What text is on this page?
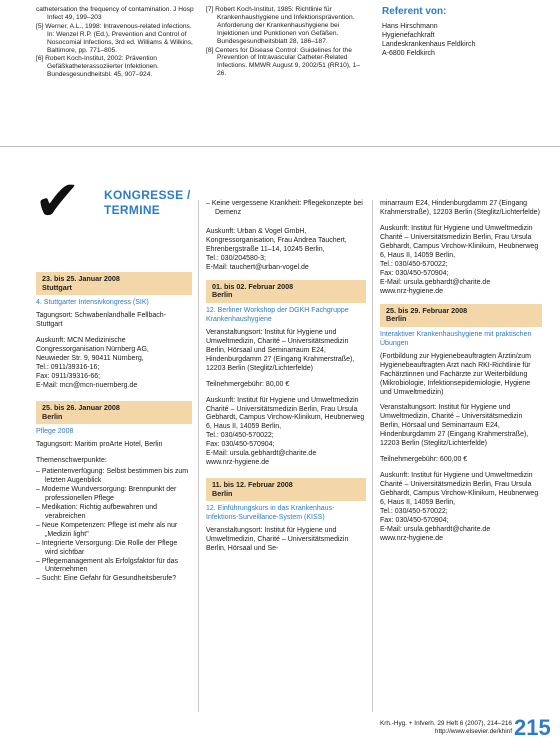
cathetersation the frequency of contamination. J Hosp Infect 49, 199–203

[5] Werner, A.L., 1998: Intravenous-related infections. In: Wenzel R.P. (Ed.), Prevention and Control of Nosocomial Infections, 3rd ed. Williams & Wilkins, Baltimore, pp. 771–805.

[6] Robert Koch-Institut, 2002: Prävention Gefäßkatheterassoziierter Infektionen. Bundesgesundheitsbl. 45, 907–924.

[7] Robert Koch-Institut, 1985: Richtlinie für Krankenhaushygiene und Infektionsprävention. Anforderung der Krankenhaushygiene bei Injektionen und Punktionen von Gefäßen. Bundesgesundheitsblatt 28, 186–187.

[8] Centers for Disease Control: Guidelines for the Prevention of Intravascular Catheter-Related Infections. MMWR August 9, 2002/51 (RR10), 1–26.

Referent von:

Hans Hirschmann

Hygienefachkraft

Landeskrankenhaus Feldkirch

A-6800 Feldkirch

✔ KONGRESSE /
TERMINE
23. bis 25. Januar 2008
Stuttgart

4. Stuttgarter Intensivkongress (SIK)

Tagungsort: Schwabenlandhalle Fellbach-Stuttgart

Auskunft: MCN Medizinische Congressorganisation Nürnberg AG,

Neuwieder Str. 9, 90411 Nürnberg,

Tel.: 0911/39316-16;

Fax: 0911/39316-66;

E-Mail: mcn@mcn-nuernberg.de

25. bis 26. Januar 2008
Berlin

Pflege 2008

Tagungsort: Maritim proArte Hotel, Berlin

Themenschwerpunkte:

– Patientenverfügung: Selbst bestimmen bis zum letzten Augenblick

– Moderne Wundversorgung: Brennpunkt der professionellen Pflege

– Medikation: Richtig aufbewahren und verabreichen

– Neue Kompetenzen: Pflege ist mehr als nur „Medizin light"

– Integrierte Versorgung: Die Rolle der Pflege wird sichtbar

– Pflegemanagement als Erfolgsfaktor für das Unternehmen

– Sucht: Eine Gefahr für Gesundheitsberufe?

– Keine vergessene Krankheit: Pflegekonzepte bei Demenz

Auskunft: Urban & Vogel GmbH, Kongressorganisation, Frau Andrea Tauchert, Ehrenbergstraße 11–14, 10245 Berlin,

Tel.: 030/204580-3;

E-Mail: tauchert@urban-vogel.de

01. bis 02. Februar 2008
Berlin

12. Berliner Workshop der DGKH Fachgruppe Krankenhaushygiene

Veranstaltungsort: Institut für Hygiene und Umweltmedizin, Charité – Universitätsmedizin Berlin, Hörsaal und Seminarraum E24, Hindenburgdamm 27 (Eingang Krahmerstraße), 12203 Berlin (Steglitz/Lichterfelde)

Teilnehmergebühr: 80,00 €

Auskunft: Institut für Hygiene und Umweltmedizin Charité – Universitätsmedizin Berlin, Frau Ursula Gebhardt, Campus Virchow-Klinikum, Heubnerweg 6, Haus II, 14059 Berlin,

Tel.: 030/450-570022;

Fax: 030/450-570904;

E-Mail: ursula.gebhardt@charite.de

www.nrz-hygiene.de

11. bis 12. Februar 2008
Berlin

12. Einführungskurs in das Krankenhaus-Infektions-Surveillance-System (KISS)

Veranstaltungsort: Institut für Hygiene und Umweltmedizin, Charité – Universitätsmedizin Berlin, Hörsaal und Se-

minarraum E24, Hindenburgdamm 27 (Eingang Krahmerstraße), 12203 Berlin (Steglitz/Lichterfelde)

Auskunft: Institut für Hygiene und Umweltmedizin Charité – Universitätsmedizin Berlin, Frau Ursula Gebhardt, Campus Virchow-Klinikum, Heubnerweg 6, Haus II, 14059 Berlin,

Tel.: 030/450-570022;

Fax: 030/450-570904;

E-Mail: ursula.gebhardt@charite.de

www.nrz-hygiene.de

25. bis 29. Februar 2008
Berlin

Interaktiver Krankenhaushygiene mit praktischen Übungen

(Fortbildung zur Hygienebeauftragten Ärztin/zum Hygienebeauftragten Arzt nach RKI-Richtlinie für Fachärztinnen und Fachärzte zur Weiterbildung (Mikrobiologie, Infektionsepidemiologie, Hygiene und Umweltmedizin)

Veranstaltungsort: Institut für Hygiene und Umweltmedizin, Charité – Universitätsmedizin Berlin, Hörsaal und Seminarraum E24, Hindenburgdamm 27 (Eingang Krahmerstraße), 12203 Berlin (Steglitz/Lichterfelde)

Teilnehmergebühr: 600,00 €

Auskunft: Institut für Hygiene und Umweltmedizin Charité – Universitätsmedizin Berlin, Frau Ursula Gebhardt, Campus Virchow-Klinikum, Heubnerweg 6, Haus II, 14059 Berlin,

Tel.: 030/450-570022;

Fax: 030/450-570904;

E-Mail: ursula.gebhardt@charite.de

www.nrz-hygiene.de

Krh.-Hyg. + Infverh. 29 Heft 6 (2007), 214–216

http://www.elsevier.de/khinf 215
